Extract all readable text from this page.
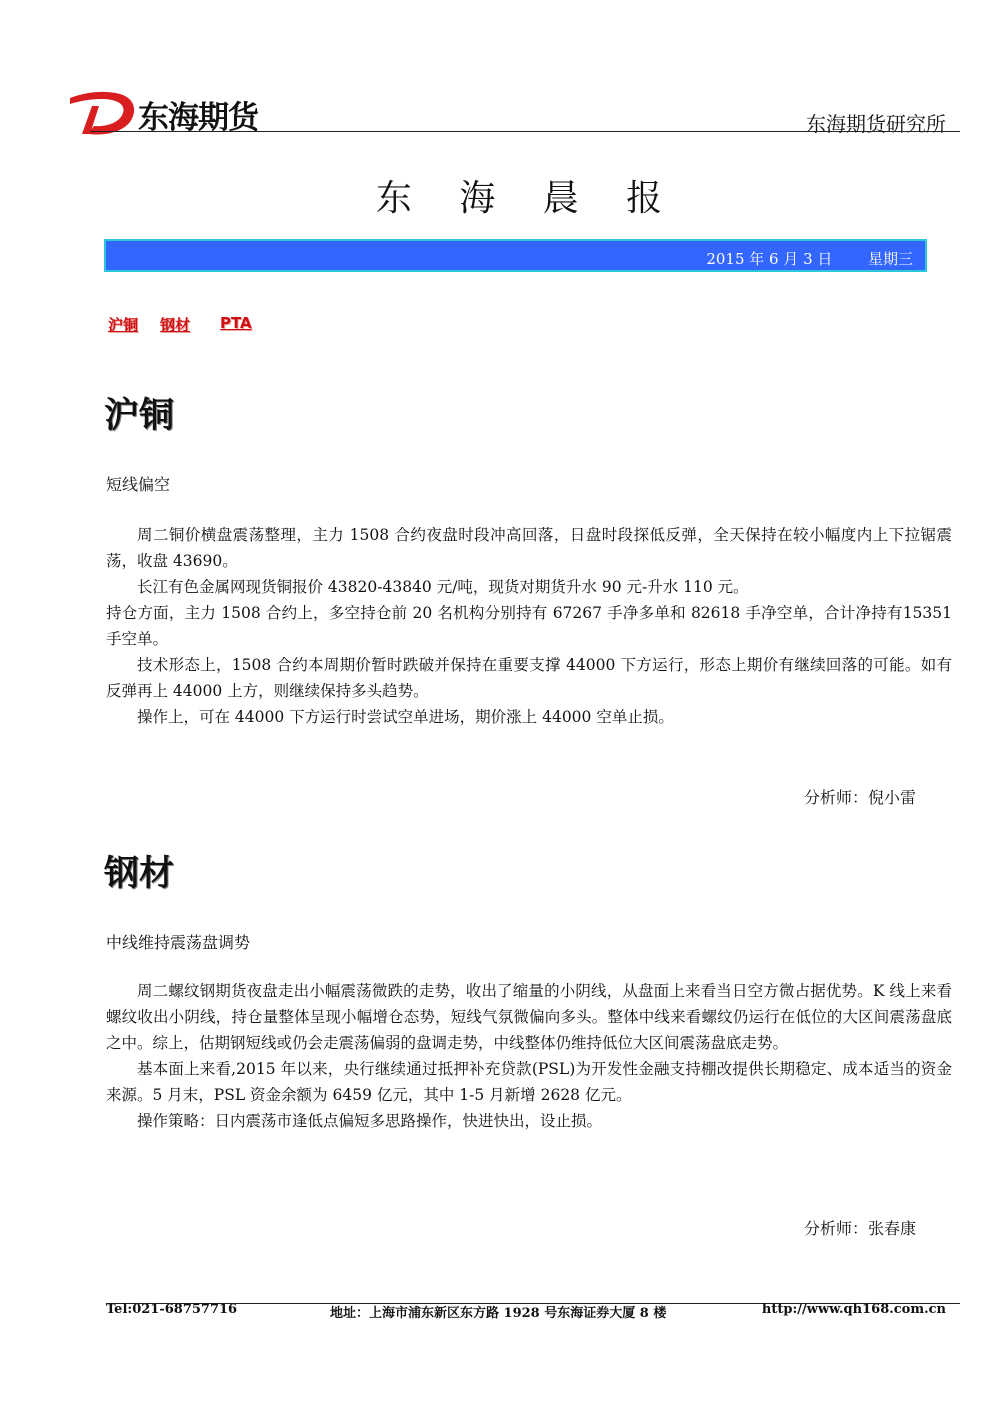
东海期货	东海期货研究所
东 海 晨 报
2015 年 6 月 3 日 星期三
沪铜 钢材 PTA
沪铜
短线偏空

周二铜价横盘震荡整理，主力 1508 合约夜盘时段冲高回落，日盘时段探低反弹，全天保持在较小幅度内上下拉锯震荡，收盘 43690。

长江有色金属网现货铜报价 43820-43840 元/吨，现货对期货升水 90 元-升水 110 元。

持仓方面，主力 1508 合约上，多空持仓前 20 名机构分别持有 67267 手净多单和 82618 手净空单，合计净持有15351 手空单。

技术形态上，1508 合约本周期价暂时跌破并保持在重要支撑 44000 下方运行，形态上期价有继续回落的可能。如有反弹再上 44000 上方，则继续保持多头趋势。

操作上，可在 44000 下方运行时尝试空单进场，期价涨上 44000 空单止损。

分析师：倪小雷
钢材
中线维持震荡盘调势

周二螺纹钢期货夜盘走出小幅震荡微跌的走势，收出了缩量的小阴线，从盘面上来看当日空方微占据优势。K 线上来看螺纹收出小阴线，持仓量整体呈现小幅增仓态势，短线气氛微偏向多头。整体中线来看螺纹仍运行在低位的大区间震荡盘底之中。综上，估期钢短线或仍会走震荡偏弱的盘调走势，中线整体仍维持低位大区间震荡盘底走势。

基本面上来看,2015 年以来，央行继续通过抵押补充贷款(PSL)为开发性金融支持棚改提供长期稳定、成本适当的资金来源。5 月末，PSL 资金余额为 6459 亿元，其中 1-5 月新增 2628 亿元。

操作策略：日内震荡市逢低点偏短多思路操作，快进快出，设止损。

分析师：张春康
Tel:021-68757716	地址：上海市浦东新区东方路 1928 号东海证券大厦 8 楼	http://www.qh168.com.cn
